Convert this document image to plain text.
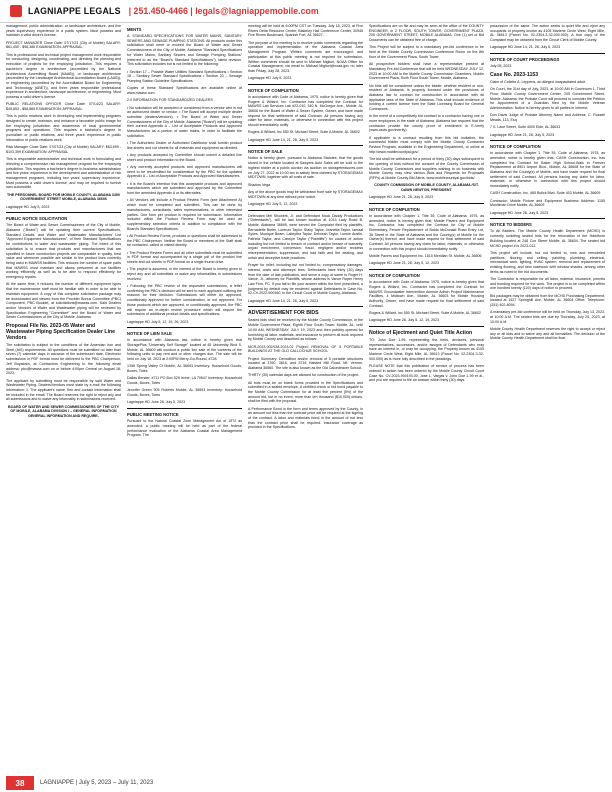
LAGNIAPPE LEGALS | 251.450-4466 | legals@lagniappemobile.com

management, public administration, or landscape architecture, and five years supervisory experience in a public system. Must possess and maintain a valid driver's license.

PROJECT MANAGER Close Date: 07/17/23 (City of Mobile) SALARY: $61,450 - $98,386 EXAMINATION: APPRAISAL

This is professional and technical project management work responsible for conducting, designing, coordinating, and directing the planning and execution of projects for the employing jurisdiction. This requires a bachelor's degree in architecture (accredited by the National Architectural Accrediting Board (NAAB)), or landscape architecture (accredited by the Landscape Architectural Accreditation Board (LAAB)), or engineering (accredited by the Accreditation Board for Engineering and Technology (ABET)), and three years responsible professional experience in architecture, landscape architecture, or engineering. Must possess a valid driver's license.

PUBLIC RELATIONS OFFICER Close Date: 07/14/23 SALARY: $45,853 - $58,865 EXAMINATION: APPRAISAL

This is public relations work in developing and implementing programs designed to create, maintain, and enhance a favorable public image for the employing jurisdiction and awareness of local governmental programs and operations. This requires a bachelor's degree in journalism or public relations, and three years' experience in public information or public relations work.

Risk Manager Close Date: 07/07/23 (City of Mobile) SALARY: $63,699 - $103,399 EXAMINATION: APPRAISAL

This is responsible administrative and technical work in formulating and directing a comprehensive risk management program for the employing jurisdiction. This requires a bachelor's degree in business administration and five years' experience in the development and administration of risk management programs, including two years' supervisory experience. Must possess a valid driver's license, and may be required to furnish own automobile.

THE PERSONNEL BOARD FOR MOBILE COUNTY, ALABAMA 3490 GOVERNMENT STREET MOBILE, ALABAMA 36606

Lagniappe HD July 5, 2023

PUBLIC NOTICE SOLICITATION

The Board of Water and Sewer Commissioners of the City of Mobile, Alabama ("Board") will be updating their current Specifications, Standard Details, and Water and Wastewater Manufacturers' List "Approved Equipment Manufacturers", of their Standard Specifications for contributions to water and wastewater piping. The intent of this solicitation is to ensure that products and manufacturers that are specified in future construction projects are comparable in quality, best value and whenever possible are similar to the product lines currently being used in MAWSS facilities. This reduces the number of spare parts that MAWSS must maintain and allows personnel at our facilities working efficiently as well as to be able to respond effectively for emergency repairs.

At the same time, it reduces the number of different equipment types that the maintenance staff must be familiar with in order to be able to maintain equipment. A copy of this complete solicitation package may be downloaded and viewed from the Provider Bonus Committee (PBC) Component, PBC Booklet, at solicitations@mawss.com. Said Dealers and/or Vendors of Water and Wastewater piping will be reviewed by Specification Engineering "Committee" and the Board of Water and Sewer Commissioners of the City of Mobile, Alabama.

Proposal File No. 2023-05 Water and Wastewater Piping Specification Dealer Line Vendors

The solicitation is subject to the conditions of the Amercian Iron and Steel (AIS) requirements. All questions must be submitted no later than seven (7) calendar days in advance of the submission date. Electronic submissions in PDF format must be delivered to the PBC Chairperson, Jeff Buyalosis, at Contractors Engineering to the following email address: pbc@mawss.com on or before 4:00pm Central on August 18, 2023.

The applicant by submitting must be responsible by said Water and Wastewater Piping. Dealers/Vendors must state by e-mail the following information: 1. The applicant's name, firm and contact information shall be included in the email. The Board reserves the right to reject any and all submissions and to waive any informality in submissions received.

BOARD OF WATER AND SEWER COMMISSIONERS OF THE CITY OF MOBILE, ALABAMA DIVISION I – GENERAL INFORMATION GENERAL INFORMATION AND REQUIRE-

MENTS

A. STANDARD SPECIFICATIONS FOR WATER MAINS, SANITARY SEWERS AND SEWAGE PUMPING STATIONS: All products under this solicitation shall meet or exceed the Board of Water and Sewer Commissioners of the City of Mobile, Alabama "Standard Specifications for Water Mains, Sanitary Sewers and Sewage Pumping Stations" (referred to as the "Board's Standard Specifications"), latest revision. This solicitation includes but is not limited to the following:

• Section 17 – Potable Water Utilities Standard Specifications • Section 18 – Sanitary Sewer Standard Specifications • Section 20 – Sewage Pumping Station Guideline Specifications

Copies of these Standard Specifications are available online at www.mawss.com

2.0 INFORMATION FOR STANDARDIZED DEALERS

• No solicitation will be accepted or considered from a vendor who is not an authorized dealer or vendor. • The Board will accept multiple dealer submittal (dealers/vendors). • The Board of Water and Sewer Commissioners of the City of Mobile, Alabama ("Board") will be updating their current Appendix A – List of Acceptable Products and Approved Manufacturers as a portion of water mains, in order to facilitate the solicitation.

• The Authorized Dealer or Authorized Distributor shall furnish product line sheets and cut sheets for all materials and equipment as directed.

• Any products accepted by Committee should submit a detailed line sheet and product information to the Board.

• Any currently accepted products and approved manufacturers will need to be resubmitted for consideration by the PBC for the updated Appendix A – List of Acceptable Products and Approved Manufacturers.

• It is the Board's intention that this acceptable products and approved manufacturers which are submitted and approved by the Committee from the amended Appendix A or its alternates.

• All Vendors will include a Product Review Form (see Attachment A) which must be completed and submitted. This can be done by manufacturers, consultants, sales representatives, or other interested parties. One form per product is required for submission. Information included within the Product Review Form may be used as supplementary selection criteria in addition to compliance with the Board's Standard Specifications.

• All Product Review Forms, products or questions shall be addressed to the PBC Chairperson. Neither the Board or members of the Staff shall be contacted, called or visited directly.

• The Product Review Forms and all other submittals must be submitted in PDF format and accompanied by a single pdf of the product line sheets and cut sheets in PDF format on a single thumb drive.

• The project is assumed, in the interest of the Board is hereby given to reject any and all submittals or waive any informalities in submissions received.

• Following the PBC review of the requested submissions, a letter confirming the PBC's decision will be sent to each applicant outlining the reasons for their decision. Submissions will either be approved, conditionally approved for further consideration, or not approved. For those products which are approved, or conditionally approved, the PBC will require an in-depth review procedure which will require the submission of additional product details and specifications.

Lagniappe HD July 5, 12, 19, 26, 2023

NOTICE OF LIEN SALE

In accordance with Alabama law, notice is hereby given that StoragePlus "University Self Storage" located at 45 University Blvd S, Mobile, AL 36609 will conduct a public lien sale of the contents of the following units to pay rent and or other charges due. The sale will be held on July 18, 2023 at 2:00PM Merry-Go-Round, #728.

1358 Spring Valley Ct Mobile, AL 36693 Inventory: Household Goods, Boxes, Totes

Dallas Bender, #711 PO Box 529 Irvine, LA 70647 Inventory: Household Goods, Boxes, Totes

Jennifer Green 905 Roberts Mobile, AL 36693 Inventory: Household Goods, Boxes, Totes

Lagniappe HD June 28, July 5, 2023

PUBLIC MEETING NOTICE

Pursuant to the Natural Coastal Zone Management Act of 1972 as amended, a public meeting will be held as part of the federal performance evaluation of the Alabama Coastal Area Management Program. The

meeting will be held at 6:00PM CST on Tuesday, July 18, 2023, at Five Rivers Delta Resource Center, Blakeley Hall Conference Center, 30945 Five Rivers Boulevard, Spanish Fort, AL 36527.

The purpose of the meeting is to receive public comments regarding the operation and implementation of the Alabama Coastal Area Management Program. Written comments are encouraged, and participation at this public meeting is not required for submission. Written comments should be sent to Michael Migliori, NOAA Office for Coastal Management, via email to Michael.Migliori@noaa.gov no later than Friday, July 28, 2023.

Lagniappe HD July 5, 2023

NOTICE OF COMPLETION

In accordance with Code of Alabama, 1975, notice is hereby given that Rogers & Willard, Inc. Contractor has completed the Contract for MAWSS Lab Services Lab #22-010, 340 N. McGregor Ave., Mobile, AL 36608 for the Board of Water & Sewer System, Owner, and have made request for final settlement of said Contract. All persons having any claim for labor, materials, or otherwise in connection with this project should immediately notify

Rogers & Willard, Inc 550 St. Michael Street, Suite A Mobile, AL 36602

Lagniappe HD June 14, 21, 28, July 5, 2023

NOTICE OF SALE

Notice is hereby given, pursuant to Alabama Statutes, that the goods stored in the vehicle located at Sawyers Auto Sales will be sold to the highest bidder at a public auction via auction on storagetreasures.com on July 27, 2022 at 10:00 am to satisfy liens claimed by STORAGEMAX MIDTOWN, together with all costs of sale.

Shadow Vega

Any of the above goods may be withdrawn from sale by STORAGEMAX MIDTOWN at any time without prior notice.

Lagniappe HD July 5, 12, 2023

Defendant Mel Showers, Jr. and Defendant Mock Daddy Productions ("Defendants"), will be last known location at 1013 Lady Road B, Mobile, Alabama 36695, were served the Complaint filed by plaintiffs, Bernadette Butler, Lorenzo Taylor, Stacy Taylor, Jeanetta Taylor, Iamaal Sykes, Monique Beam, Lakeytha Taylor, Deborah Taylor, Lonnie Austin, Patricia Taylor, and Carolyn Taylor ("Plaintiffs") for causes of action including but not limited to breach of contract and/or breach of warranty, unjust enrichment, conversion, fraud, negligent and/or reckless misrepresentation, suppression, and bad faith and the dealing, and unfair and deceptive trade practices.

Prayer for relief, including but not limited to, compensatory damages, interest, costs and attorneys' fees. Defendants have thirty (30) days from the date of last publication, and serve a copy of same to Roger H. Vance, Jr., attorney for Plaintiffs, whose address is Vance Roper Henry Law Firm, PC. If you fail to file your answer within the time prescribed, a judgment by default may be rendered against Defendants in Case No. 02-CV-2022-900360, in the Circuit Court of Mobile County, Alabama.

Lagniappe HD June 14, 21, 28, July 5, 2023

ADVERTISEMENT FOR BIDS

Sealed bids shall be received by the Mobile County Commission, in the Mobile Government Plaza, Eighth Floor South Tower, Mobile, AL, until 10:00 AM, WEDNESDAY, JULY 19, 2023 and then publicly opened for furnishing all labor, materials, and insurance to perform all work required by Mobile County and described as follows:

MCR-2023-002/CM-2023-02 Project: REMOVAL OF 5 PORTABLE BUILDINGS AT THE OLD CALLOCHUE SCHOOL

Project Summary: Demolition and/or removal of 5 portable structures located at 3760, 3616, and 3716 Halsted Mill Road, Mt. Vernon, Alabama 36560. The site is also known as the Old Calcedeaver School.

THIRTY (30) calendar days are allowed for construction of the project.

All bids must be on blank forms provided in the Specifications and submitted in a sealed envelope. A certified check or bid bond payable to the Mobile County Commission for at least five percent (5%) of the amount bid, but in no event, more than ten thousand ($10,000) dollars, shall be filed with the proposal.

A Performance Bond in the form and terms approved by the County, in an amount not less than the contract price will be required at the signing of the contract. A labor and materials bond in the amount of not less than the contract price shall be required. Insurance coverage as provided in the Specifications.

Specifications are on file and may be seen at the office of the COUNTY ENGINEER, in 2 FLOOR, SOUTH TOWER, GOVERNMENT PLAZA, 205 GOVERNMENT STREET, MOBILE ALABAMA. One (1) set of Bid Documents can be obtained free of charge.

This Project will be subject to a mandatory pre-bid conference to be held at the Mobile County Commission Conference Room on the 8th floor of the Government Plaza, South Tower.

All prospective bidders shall have a representative present at Mandatory Pre-bid Conference that will be held WEDNESDAY, JULY 12, 2023 at 10:00 AM in the Mobile County Commission Chambers, Mobile Government Plaza, Sixth Floor South Tower, Mobile, Alabama.

No bids will be considered unless the bidder, whether resident or non-resident of Alabama, is properly licensed under the provisions of Alabama law to contract for construction in accordance with all applicable laws of the State of Alabama. This shall include evidence of holding a current license from the State Licensing Board for General Contractors.

In the event of a competitively bid contract to a contractor having one or more employees in the state of Alabama, Alabama law requires that the contractor provide the county proof of enrollment in E-Verify (www.uscis.gov/everify).

If applicable to a contract resulting from this bid invitation, the successful bidder must comply with the Mobile County Contractor Review Program, available in the Engineering Department, or online at http://www.mobilecountyal.gov/.

The bid shall be withdrawn for a period of thirty (30) days subsequent to the opening of bids without the consent of the County Commission of Mobile County. Contractors and suppliers wishing to do business with Mobile County may view various Bids and Requests for Proposals (RFPs) at Mobile County Bid Alerts. www.mobilecountyal.gov/bids/

COUNTY COMMISSION OF MOBILE COUNTY, ALABAMA /S/T. DAWN NEWTON, PRESIDENT

Lagniappe HD June 21, 28, July 5, 2023

NOTICE OF COMPLETION

In accordance with Chapter 1, Title 39, Code of Alabama, 1975, as amended, notice is hereby given that, Mobile Pavers and Equipment Inc. Contractor, has completed the Contract for City of Mobile Elementary, Fencer Replacement of Bolda McDonald Road Entry Lot, 36 Street in the State of Alabama and the County(s) of Mobile for the Owner(s) thereof, and have made request for final settlement of said Contract. All persons having any claim for labor, materials, or otherwise in connection with this project should immediately notify

Mobile Pavers and Equipment Inc. 1515 Meridian St. Mobile, AL 36606

Lagniappe HD June 21, 28, July 5, 12, 2023

NOTICE OF COMPLETION

In accordance with Code of Alabama, 1975, notice is hereby given that Rogers & Willard, Inc. Contractor has completed the Contract for MAWSS Groundwater Intervention Avenue Admin Project Maintenance Facilities, 4 Midtown Ave., Mobile, AL 36603 for Mobile Housing Authority, Owner, and have made request for final settlement of said Contract.

Rogers & Willard, Inc 550 St. Michael Street, Suite A Mobile, AL 36602

Lagniappe HD June 28, July 5, 12, 19, 2023

Notice of Ejectment and Quiet Title Action

TO: John Doe 1-99, representing the heirs, devisees, personal representatives, successors, and/or assigns of Defendants who may have an interest in, or may be occupying, the Property known as 4105 Marlene Circle West, Eight Mile, AL 36613 (Parcel No. 02-2304-3-32-000.000) as is more fully described in the pleadings.

PLEASE NOTE that this publication of service of process has been ordered in action has been ordered by the Mobile County Circuit Court Case No. CV-2023-900193.00, Jose L. Vargas v. John Doe 1-99 et al., and you are required to file an answer within thirty (30) days.

possession of the same. The action seeks to quiet title and eject any occupants of property known as 4105 Marlene Circle West, Eight Mile, AL 36613 (Parcel No. 02-2304-3-32-000.000). A true copy of the Complaint may be obtained from the Circuit Clerk of Mobile County.

Lagniappe HD June 14, 21, 28, July 5, 2023

NOTICE OF COURT PROCEEDINGS

July 05, 2023

Case No. 2023-1153

Claim of Collette A. Leppens, an alleged incapacitated adult.

On Court, the 31st day of July, 2023, at 10:00 AM in Courtroom 1, Third Floor, Mobile County Government Center, 205 Government Street, Mobile, Alabama, the Probate Court will proceed to consider the Petition for Appointment of a Guardian filed by the Mobile Veteran Administration. Notice is hereby given to all parties in interest.

Don Davis Judge of Probate Attorney Name and Address: C. Russell Meads, 113, Esq

7 S. Lace Street, Suite 4000 Eide, AL 36633

Lagniappe HD June 21, 28, July 5, 2023

NOTICE OF COMPLETION

In accordance with Chapter 1, Title 39, Code of Alabama, 1975, as amended, notice is hereby given that, CASH Construction, Inc. has completed the Contract for Baker High School-Walk in Freezer Replacement at 8901 Airport Blvd., Mobile, AL 36608 for the State of Alabama and the County(s) of Mobile, and have made request for final settlement of said Contract. All persons having any claim for labor, materials, or otherwise in connection with this project should immediately notify

CASH Construction, Inc. 465 Bolick Blvd. Suite 403 Mobile, AL 36609

Contractor: Mobile Fixture and Equipment Business Address: 1155 Monlliman Drive Mobile, AL 36609

Lagniappe HD June 28, July 5, 2023

NOTICE TO BIDDERS

To All Bidders: The Mobile County Health Department (MCHD) is currently soliciting sealed bids for the renovation of the Hawthorn Building located at 248 Cox Street Mobile, AL 36604. The sealed bid MCHD project # is 2023-012.

This project will include, but not limited to, new and remodeled partitions, flooring, and ceiling, painting, plumbing, electrical, mechanical work, lighting, HVAC system, removal and replacement of existing flooring, and new casework with window shades, among other items as noted in the bid documents.

The Contractor is responsible for all labor, material, insurance, permits and bonding required for the work. The project is to be completed within one hundred twenty (120) days of notice to proceed.

Bid packages may be obtained from the MCHD Purchasing Department, located at 1527 Springhill Ave, Mobile, AL 36604 Office, Telephone: (251) 402-8094.

A mandatory pre-bid conference will be held on Thursday, July 13, 2023, at 10:00 A.M. The sealed bids are due by Thursday, July 20, 2023, at 10:00 A.M.

Mobile County Health Department reserves the right to accept or reject any or all bids and to waive any and all formalities. The decision of the Mobile County Health Department shall be final.

38	LAGNIAPPE | July 5, 2023 – July 11, 2023
